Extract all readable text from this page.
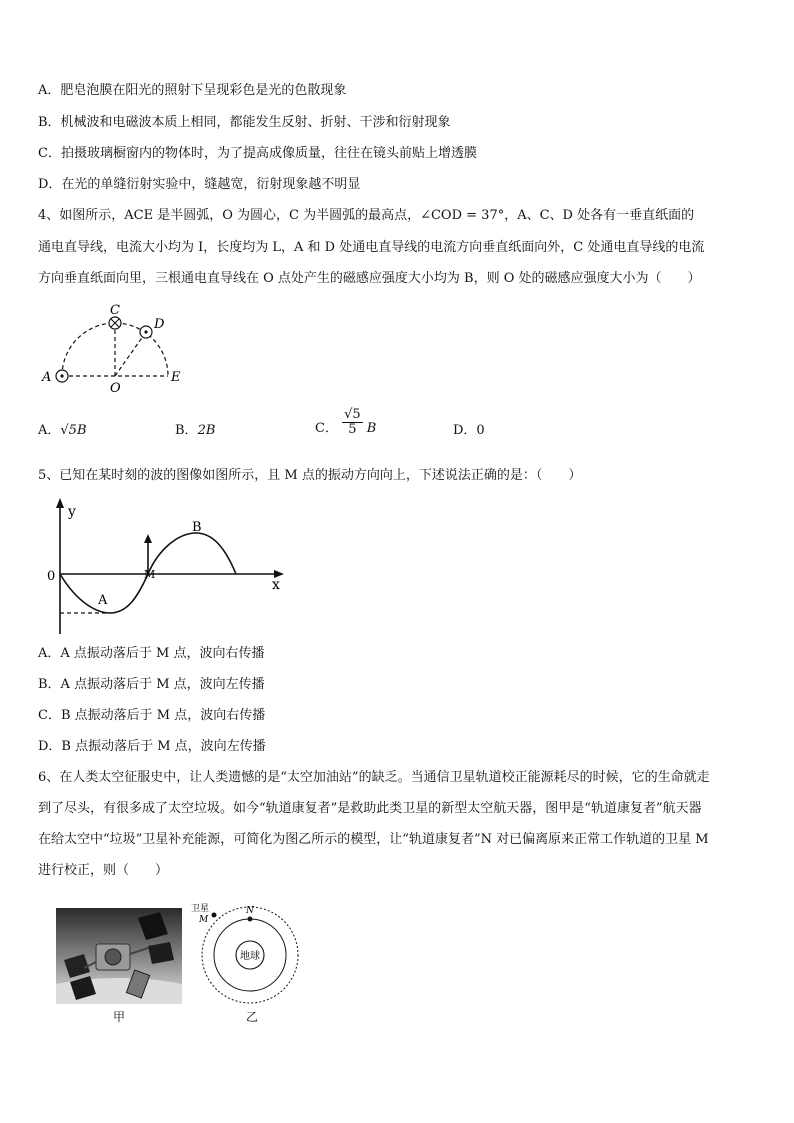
A．肥皂泡膜在阳光的照射下呈现彩色是光的色散现象
B．机械波和电磁波本质上相同，都能发生反射、折射、干涉和衍射现象
C．拍摄玻璃橱窗内的物体时，为了提高成像质量，往往在镜头前贴上增透膜
D．在光的单缝衍射实验中，缝越宽，衍射现象越不明显
4、如图所示，ACE 是半圆弧，O 为圆心，C 为半圆弧的最高点，∠COD = 37°，A、C、D 处各有一垂直纸面的
通电直导线，电流大小均为 I，长度均为 L，A 和 D 处通电直导线的电流方向垂直纸面向外，C 处通电直导线的电流
方向垂直纸面向里，三根通电直导线在 O 点处产生的磁感应强度大小均为 B，则 O 处的磁感应强度大小为（　　）
A
C
D
O
E
A．√5B	B．2B	C． $\frac{√5}{5}$ B	D．0
5、已知在某时刻的波的图像如图所示，且 M 点的振动方向向上，下述说法正确的是：（　　）
y
x
0
A
B
M
A．A 点振动落后于 M 点，波向右传播
B．A 点振动落后于 M 点，波向左传播
C．B 点振动落后于 M 点，波向右传播
D．B 点振动落后于 M 点，波向左传播
6、在人类太空征服史中，让人类遗憾的是“太空加油站”的缺乏。当通信卫星轨道校正能源耗尽的时候，它的生命就走
到了尽头，有很多成了太空垃圾。如今“轨道康复者”是救助此类卫星的新型太空航天器，图甲是“轨道康复者”航天器
在给太空中“垃圾”卫星补充能源，可简化为图乙所示的模型，让“轨道康复者”N 对已偏离原来正常工作轨道的卫星 M
进行校正，则（　　）
甲
地球
N
卫星
M
乙
